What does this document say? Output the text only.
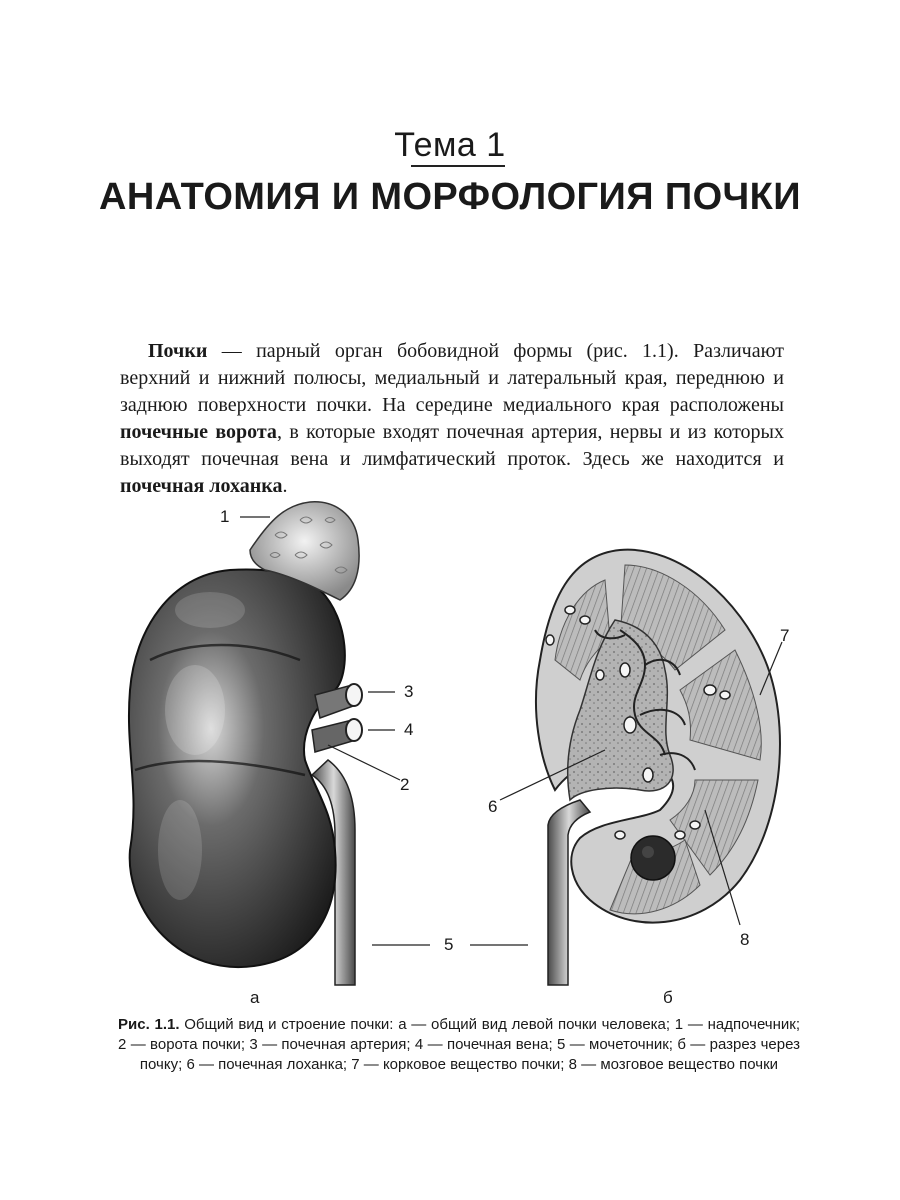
Тема 1
АНАТОМИЯ И МОРФОЛОГИЯ ПОЧКИ
Почки — парный орган бобовидной формы (рис. 1.1). Различают верхний и нижний полюсы, медиальный и латеральный края, переднюю и заднюю поверхности почки. На середине медиального края расположены почечные ворота, в которые входят почечная артерия, нервы и из которых выходят почечная вена и лимфатический проток. Здесь же находится и почечная лоханка.
1
3
4
2
5
7
6
8
а	б
Рис. 1.1. Общий вид и строение почки: а — общий вид левой почки человека; 1 — надпочечник; 2 — ворота почки; 3 — почечная артерия; 4 — почечная вена; 5 — мочеточник; б — разрез через почку; 6 — почечная лоханка; 7 — корковое вещество почки; 8 — мозговое вещество почки
